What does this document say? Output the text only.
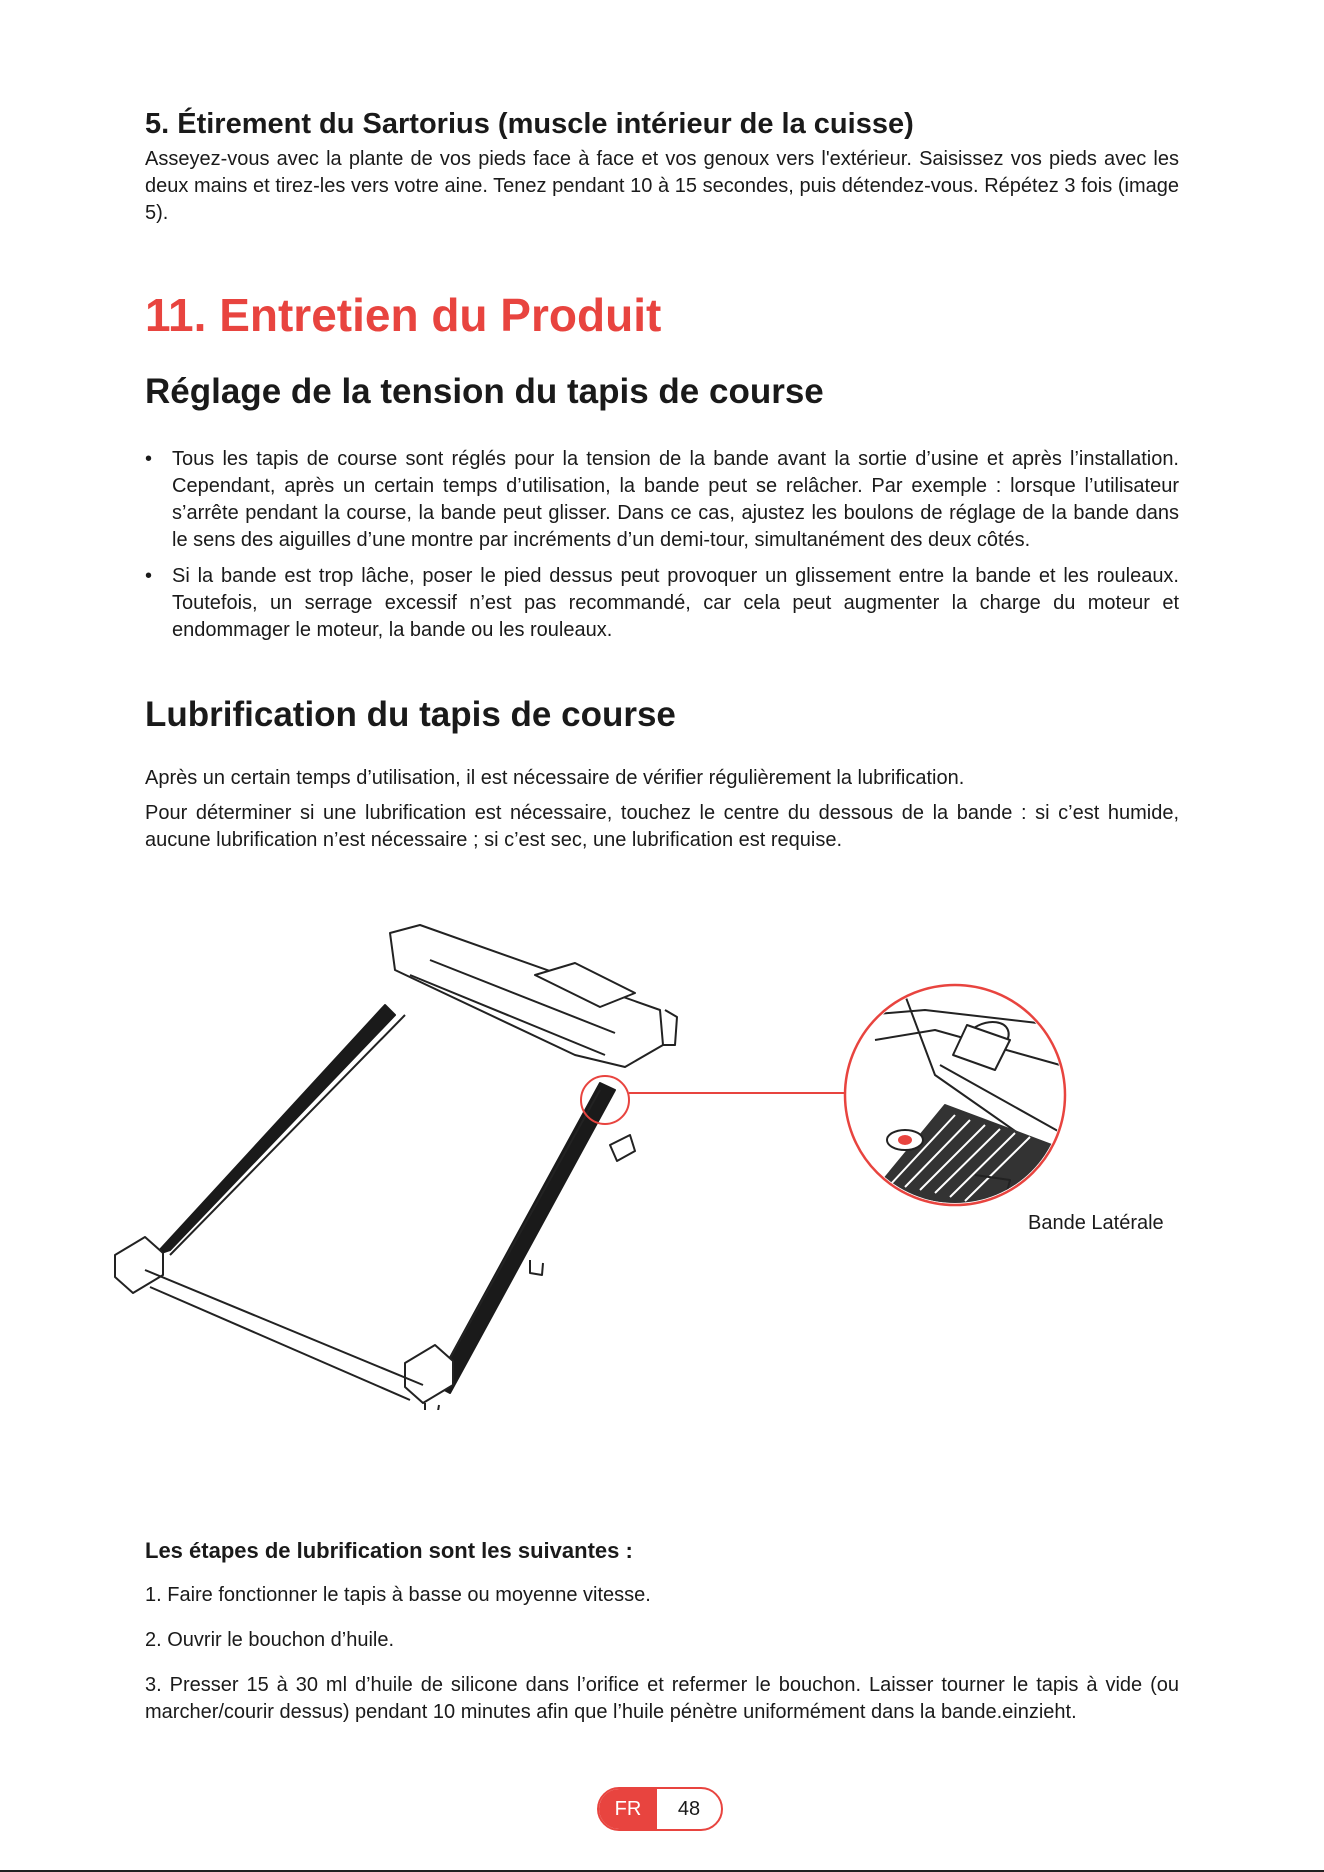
5. Étirement du Sartorius (muscle intérieur de la cuisse)

Asseyez-vous avec la plante de vos pieds face à face et vos genoux vers l'extérieur. Saisissez vos pieds avec les deux mains et tirez-les vers votre aine. Tenez pendant 10 à 15 secondes, puis détendez-vous. Répétez 3 fois (image 5).

11. Entretien du Produit
Réglage de la tension du tapis de course
• Tous les tapis de course sont réglés pour la tension de la bande avant la sortie d’usine et après l’installation. Cependant, après un certain temps d’utilisation, la bande peut se relâcher. Par exemple : lorsque l’utilisateur s’arrête pendant la course, la bande peut glisser. Dans ce cas, ajustez les boulons de réglage de la bande dans le sens des aiguilles d’une montre par incréments d’un demi-tour, simultanément des deux côtés.
• Si la bande est trop lâche, poser le pied dessus peut provoquer un glissement entre la bande et les rouleaux. Toutefois, un serrage excessif n’est pas recommandé, car cela peut augmenter la charge du moteur et endommager le moteur, la bande ou les rouleaux.
Lubrification du tapis de course

Après un certain temps d’utilisation, il est nécessaire de vérifier régulièrement la lubrification.

Pour déterminer si une lubrification est nécessaire, touchez le centre du dessous de la bande : si c’est humide, aucune lubrification n’est nécessaire ; si c’est sec, une lubrification est requise.

Les étapes de lubrification sont les suivantes :

1. Faire fonctionner le tapis à basse ou moyenne vitesse.

2. Ouvrir le bouchon d’huile.

3. Presser 15 à 30 ml d’huile de silicone dans l’orifice et refermer le bouchon. Laisser tourner le tapis à vide (ou marcher/courir dessus) pendant 10 minutes afin que l’huile pénètre uniformément dans la bande.einzieht.

Bande Latérale
FR	48
